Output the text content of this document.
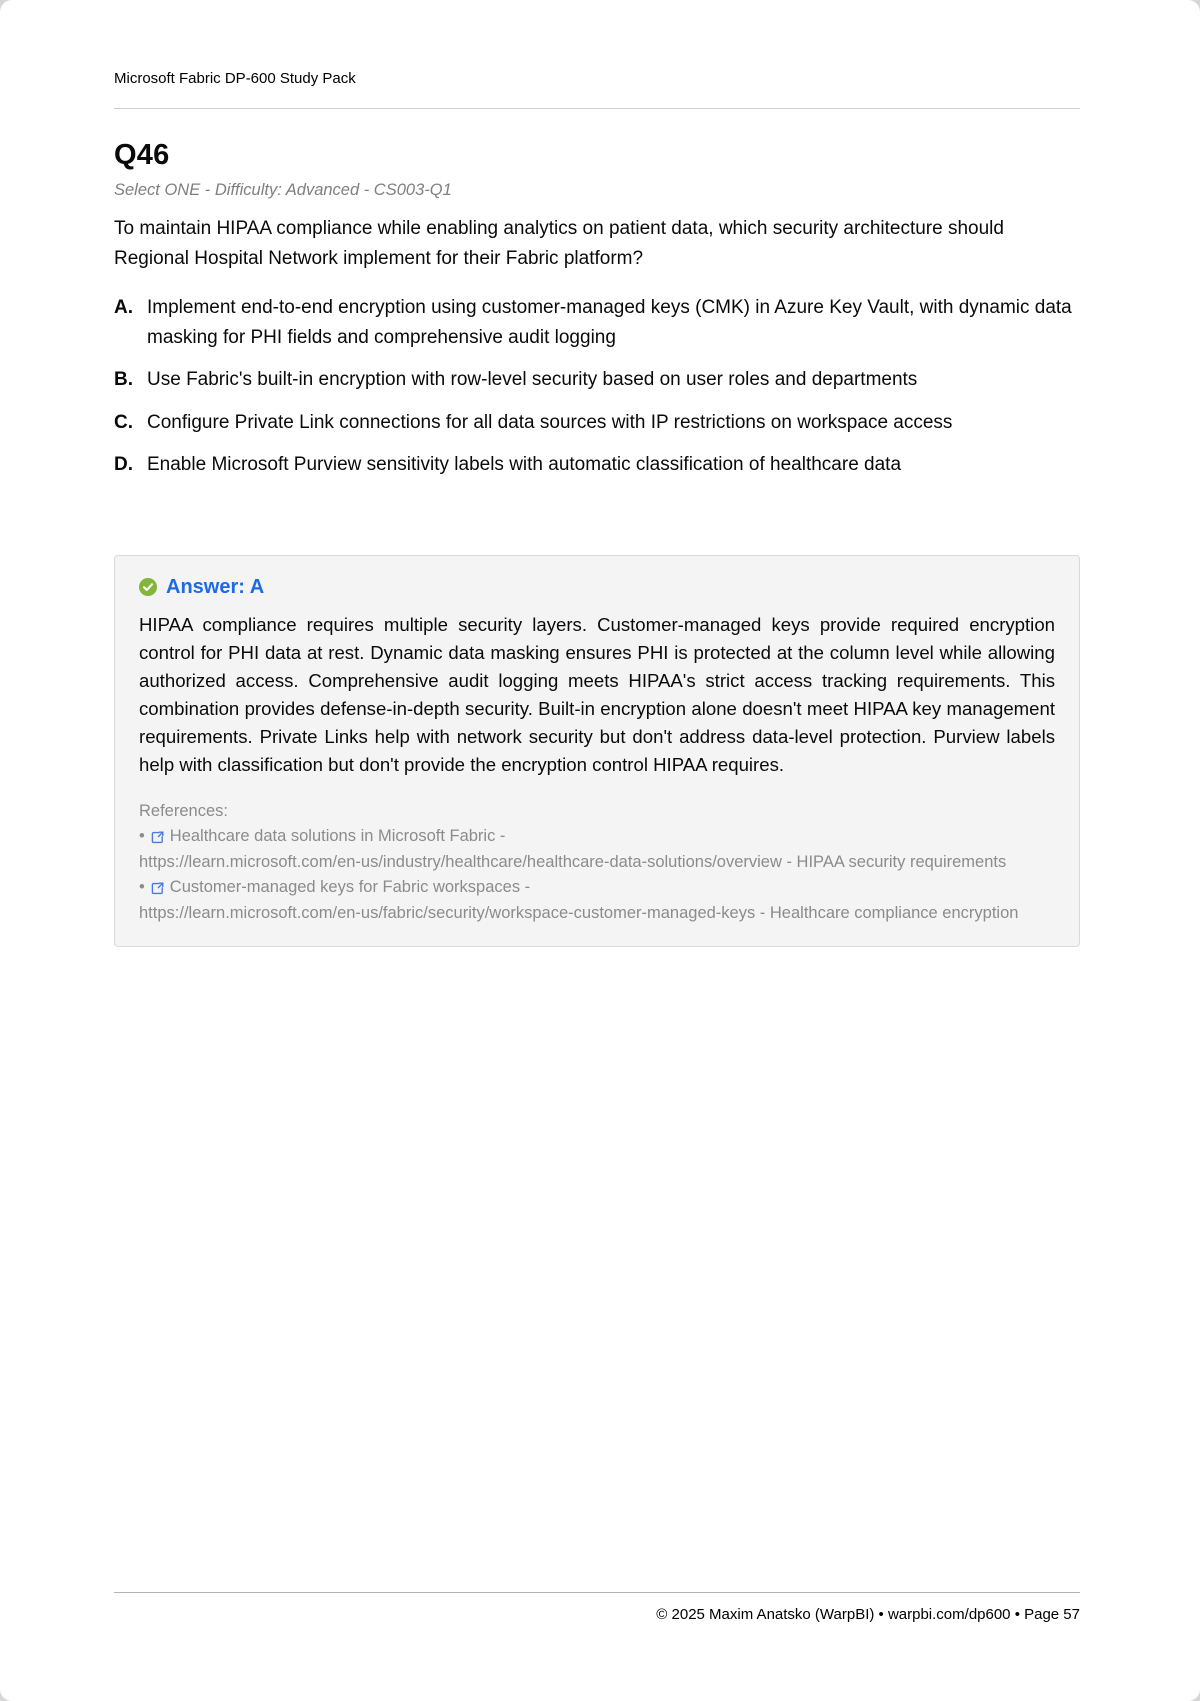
Microsoft Fabric DP-600 Study Pack
Q46
Select ONE - Difficulty: Advanced - CS003-Q1
To maintain HIPAA compliance while enabling analytics on patient data, which security architecture should Regional Hospital Network implement for their Fabric platform?
A. Implement end-to-end encryption using customer-managed keys (CMK) in Azure Key Vault, with dynamic data masking for PHI fields and comprehensive audit logging
B. Use Fabric's built-in encryption with row-level security based on user roles and departments
C. Configure Private Link connections for all data sources with IP restrictions on workspace access
D. Enable Microsoft Purview sensitivity labels with automatic classification of healthcare data
Answer: A
HIPAA compliance requires multiple security layers. Customer-managed keys provide required encryption control for PHI data at rest. Dynamic data masking ensures PHI is protected at the column level while allowing authorized access. Comprehensive audit logging meets HIPAA's strict access tracking requirements. This combination provides defense-in-depth security. Built-in encryption alone doesn't meet HIPAA key management requirements. Private Links help with network security but don't address data-level protection. Purview labels help with classification but don't provide the encryption control HIPAA requires.
References:
• Healthcare data solutions in Microsoft Fabric -
https://learn.microsoft.com/en-us/industry/healthcare/healthcare-data-solutions/overview - HIPAA security requirements
• Customer-managed keys for Fabric workspaces -
https://learn.microsoft.com/en-us/fabric/security/workspace-customer-managed-keys - Healthcare compliance encryption
© 2025 Maxim Anatsko (WarpBI) • warpbi.com/dp600 • Page 57
